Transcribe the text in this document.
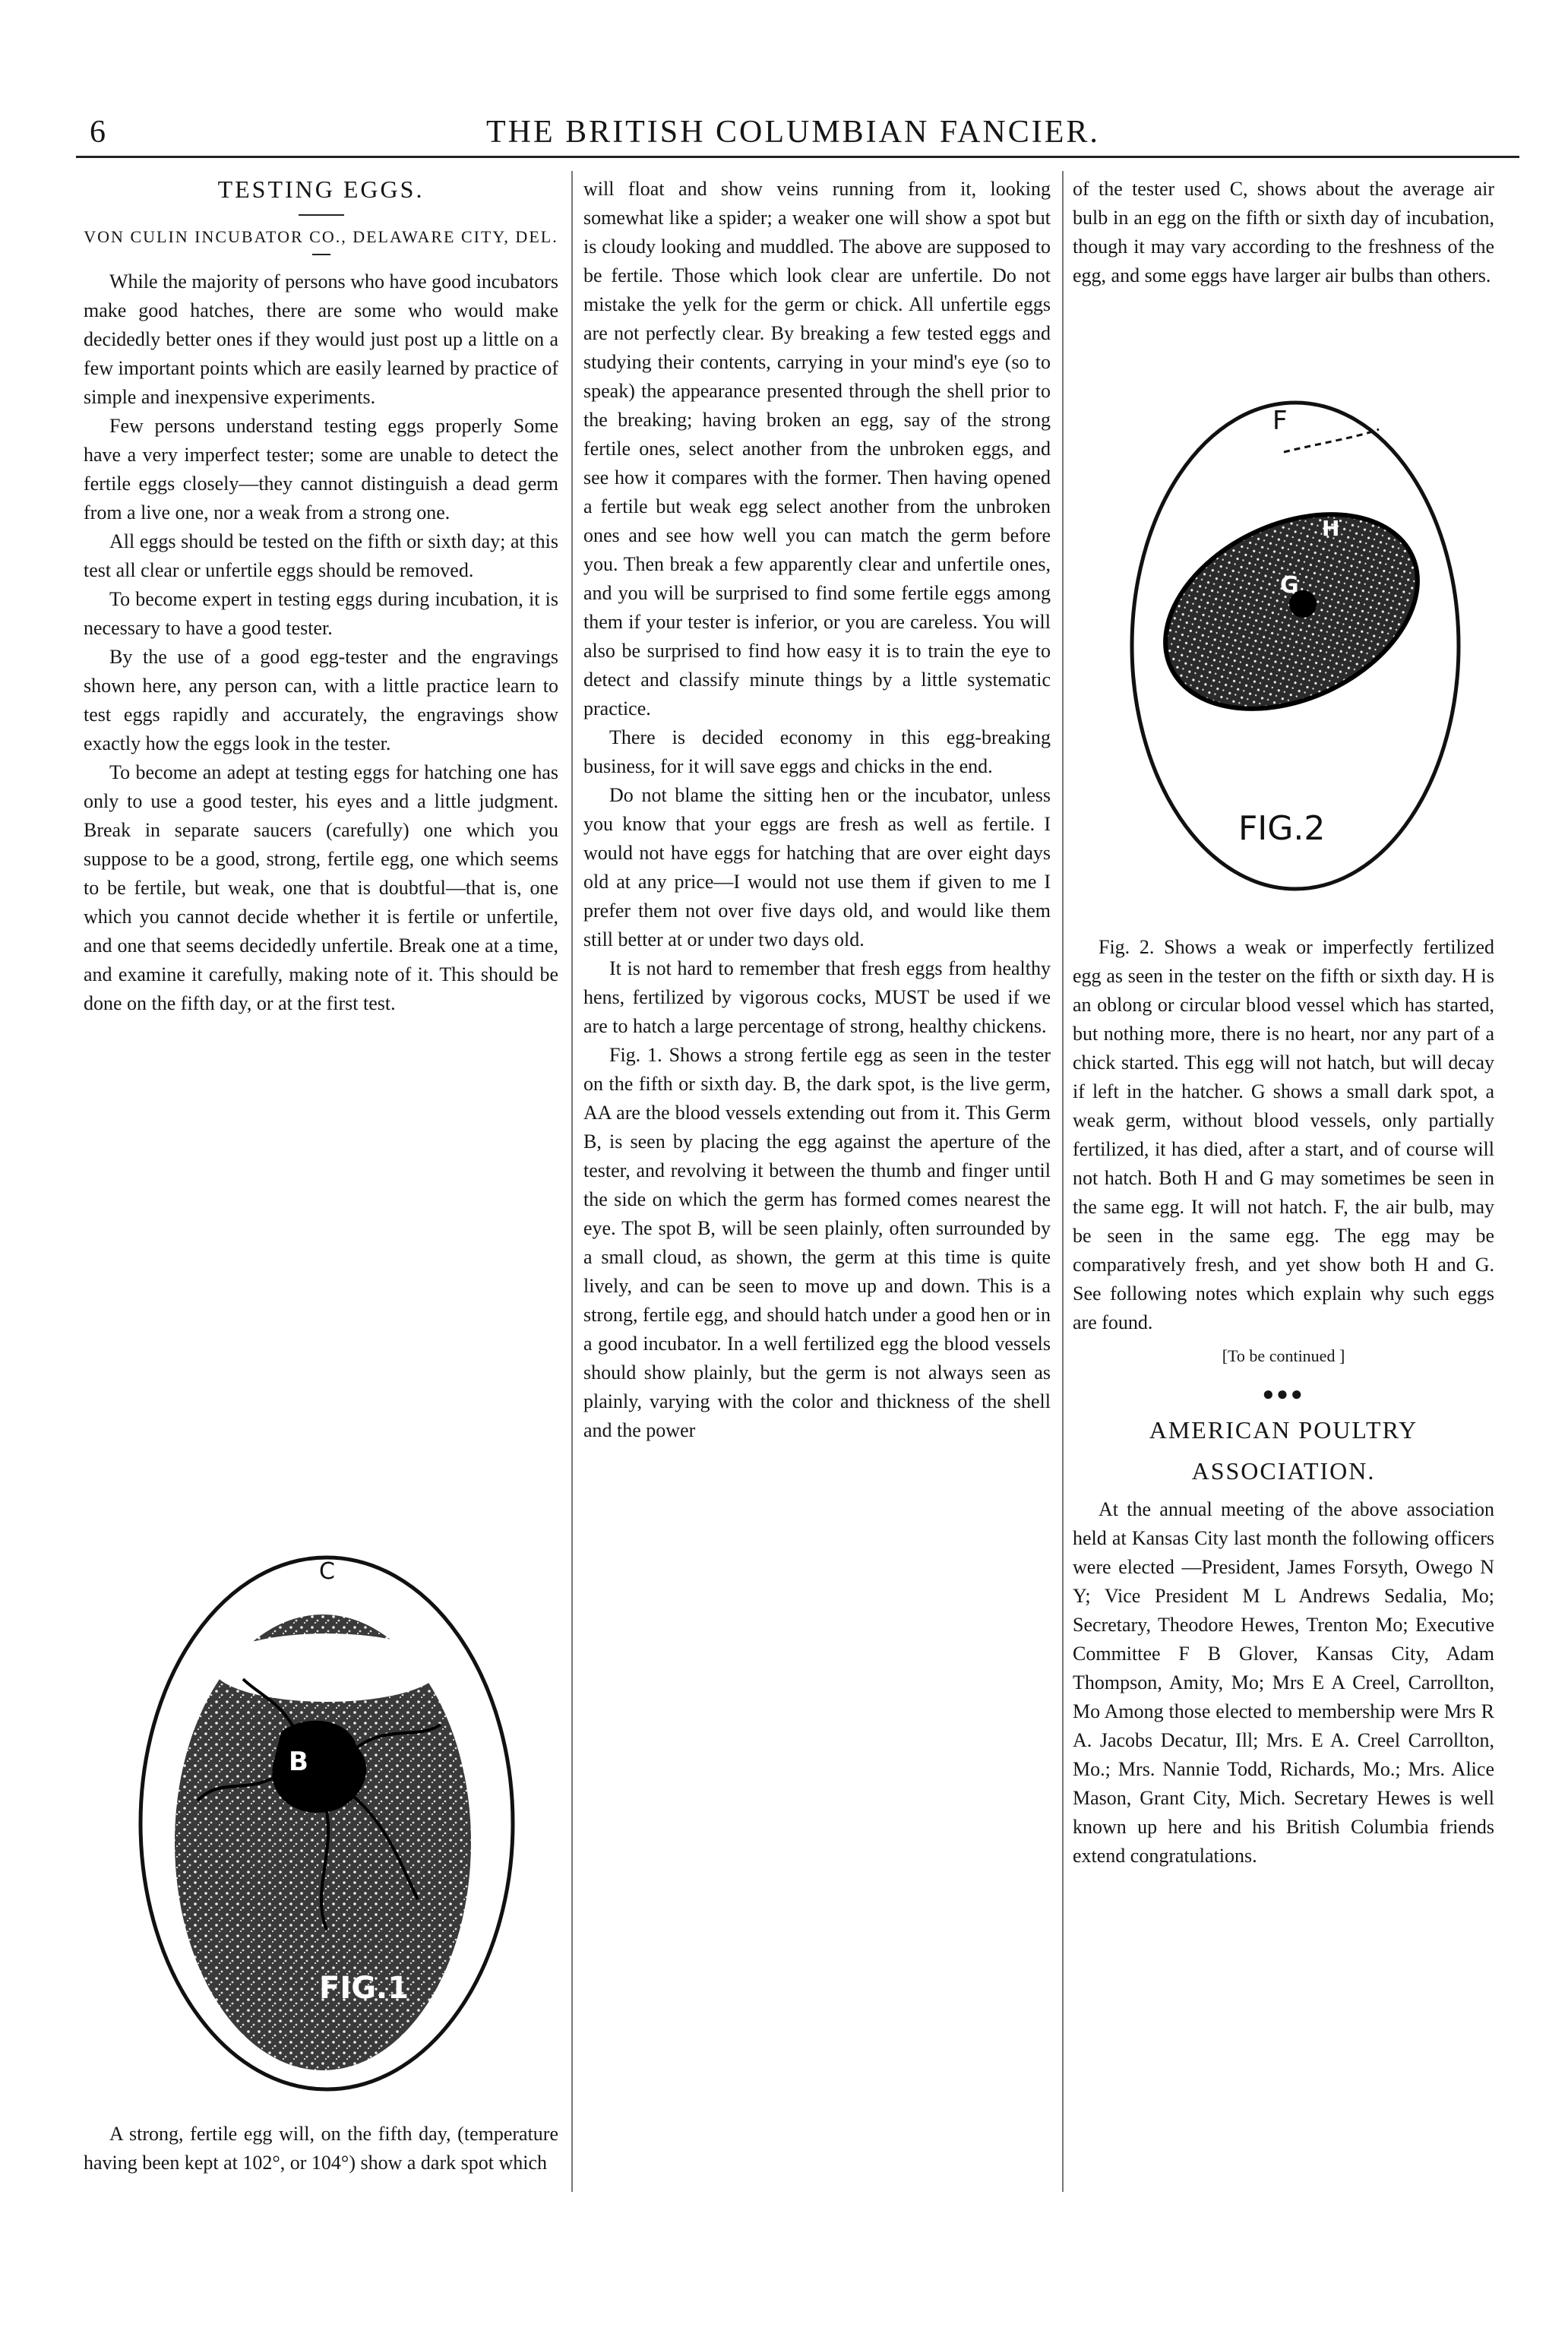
6	THE BRITISH COLUMBIAN FANCIER.
TESTING EGGS.
VON CULIN INCUBATOR CO., DELAWARE CITY, DEL.

While the majority of persons who have good incubators make good hatches, there are some who would make decidedly better ones if they would just post up a little on a few important points which are easily learned by practice of simple and inexpensive experiments.

Few persons understand testing eggs properly Some have a very imperfect tester; some are unable to detect the fertile eggs closely—they cannot distinguish a dead germ from a live one, nor a weak from a strong one.

All eggs should be tested on the fifth or sixth day; at this test all clear or unfertile eggs should be removed.

To become expert in testing eggs during incubation, it is necessary to have a good tester.

By the use of a good egg-tester and the engravings shown here, any person can, with a little practice learn to test eggs rapidly and accurately, the engravings show exactly how the eggs look in the tester.

To become an adept at testing eggs for hatching one has only to use a good tester, his eyes and a little judgment. Break in separate saucers (carefully) one which you suppose to be a good, strong, fertile egg, one which seems to be fertile, but weak, one that is doubtful—that is, one which you cannot decide whether it is fertile or unfertile, and one that seems decidedly unfertile. Break one at a time, and examine it carefully, making note of it. This should be done on the fifth day, or at the first test.

C
B
FIG.1

A strong, fertile egg will, on the fifth day, (temperature having been kept at 102°, or 104°) show a dark spot which

will float and show veins running from it, looking somewhat like a spider; a weaker one will show a spot but is cloudy looking and muddled. The above are supposed to be fertile. Those which look clear are unfertile. Do not mistake the yelk for the germ or chick. All unfertile eggs are not perfectly clear. By breaking a few tested eggs and studying their contents, carrying in your mind's eye (so to speak) the appearance presented through the shell prior to the breaking; having broken an egg, say of the strong fertile ones, select another from the unbroken eggs, and see how it compares with the former. Then having opened a fertile but weak egg select another from the unbroken ones and see how well you can match the germ before you. Then break a few apparently clear and unfertile ones, and you will be surprised to find some fertile eggs among them if your tester is inferior, or you are careless. You will also be surprised to find how easy it is to train the eye to detect and classify minute things by a little systematic practice.

There is decided economy in this egg-breaking business, for it will save eggs and chicks in the end.

Do not blame the sitting hen or the incubator, unless you know that your eggs are fresh as well as fertile. I would not have eggs for hatching that are over eight days old at any price—I would not use them if given to me I prefer them not over five days old, and would like them still better at or under two days old.

It is not hard to remember that fresh eggs from healthy hens, fertilized by vigorous cocks, MUST be used if we are to hatch a large percentage of strong, healthy chickens.

Fig. 1. Shows a strong fertile egg as seen in the tester on the fifth or sixth day. B, the dark spot, is the live germ, AA are the blood vessels extending out from it. This Germ B, is seen by placing the egg against the aperture of the tester, and revolving it between the thumb and finger until the side on which the germ has formed comes nearest the eye. The spot B, will be seen plainly, often surrounded by a small cloud, as shown, the germ at this time is quite lively, and can be seen to move up and down. This is a strong, fertile egg, and should hatch under a good hen or in a good incubator. In a well fertilized egg the blood vessels should show plainly, but the germ is not always seen as plainly, varying with the color and thickness of the shell and the power

of the tester used C, shows about the average air bulb in an egg on the fifth or sixth day of incubation, though it may vary according to the freshness of the egg, and some eggs have larger air bulbs than others.

F
H
G
FIG.2

Fig. 2. Shows a weak or imperfectly fertilized egg as seen in the tester on the fifth or sixth day. H is an oblong or circular blood vessel which has started, but nothing more, there is no heart, nor any part of a chick started. This egg will not hatch, but will decay if left in the hatcher. G shows a small dark spot, a weak germ, without blood vessels, only partially fertilized, it has died, after a start, and of course will not hatch. Both H and G may sometimes be seen in the same egg. It will not hatch. F, the air bulb, may be seen in the same egg. The egg may be comparatively fresh, and yet show both H and G. See following notes which explain why such eggs are found.

[To be continued ]
●●●
AMERICAN POULTRY
ASSOCIATION.

At the annual meeting of the above association held at Kansas City last month the following officers were elected —President, James Forsyth, Owego N Y; Vice President M L Andrews Sedalia, Mo; Secretary, Theodore Hewes, Trenton Mo; Executive Committee F B Glover, Kansas City, Adam Thompson, Amity, Mo; Mrs E A Creel, Carrollton, Mo Among those elected to membership were Mrs R A. Jacobs Decatur, Ill; Mrs. E A. Creel Carrollton, Mo.; Mrs. Nannie Todd, Richards, Mo.; Mrs. Alice Mason, Grant City, Mich. Secretary Hewes is well known up here and his British Columbia friends extend congratulations.
